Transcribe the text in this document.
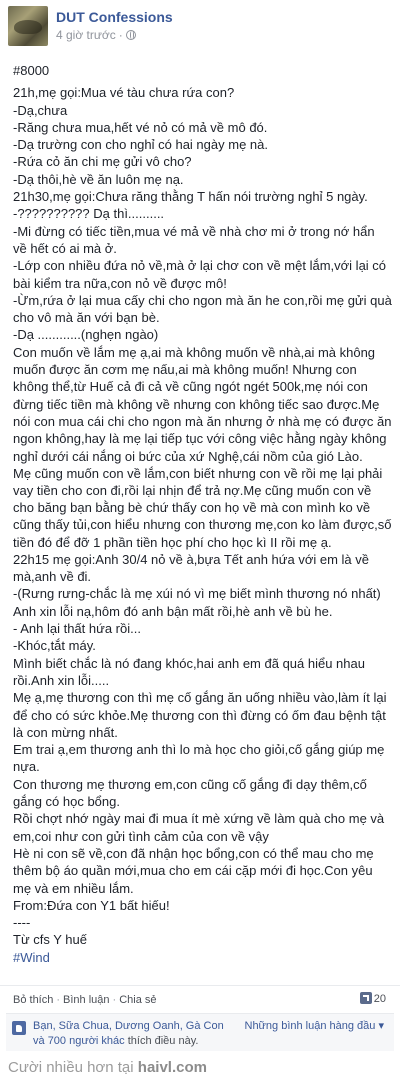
DUT Confessions
4 giờ trước ·
#8000
21h,mẹ gọi:Mua vé tàu chưa rứa con?
-Dạ,chưa
-Răng chưa mua,hết vé nỏ có mả về mô đó.
-Dạ trường con cho nghỉ có hai ngày mẹ nà.
-Rứa cỏ ăn chi mẹ gửi vô cho?
-Dạ thôi,hè về ăn luôn mẹ nạ.
21h30,mẹ gọi:Chưa răng thằng T hấn nói trường nghỉ 5 ngày.
-?????????? Dạ thì..........
-Mi đừng có tiếc tiền,mua vé mả về nhà chơ mi ở trong nớ hẩn
về hết có ai mà ở.
-Lớp con nhiều đứa nỏ về,mà ở lại chơ con về mệt lắm,với lại có
bài kiểm tra nữa,con nỏ về được mô!
-Ừm,rứa ở lại mua cấy chi cho ngon mà ăn he con,rồi mẹ gửi quà
cho vô mà ăn với bạn bè.
-Dạ ............(nghẹn ngào)
Con muốn về lắm mẹ ạ,ai mà không muốn về nhà,ai mà không
muốn được ăn cơm mẹ nấu,ai mà không muốn! Nhưng con
không thể,từ Huế cả đi cả về cũng ngót ngét 500k,mẹ nói con
đừng tiếc tiền mà không về nhưng con không tiếc sao được.Mẹ
nói con mua cái chi cho ngon mà ăn nhưng ở nhà mẹ có được ăn
ngon không,hay là mẹ lại tiếp tục với công việc hằng ngày không
nghỉ dưới cái nắng oi bức của xứ Nghệ,cái nồm của gió Lào.
Mẹ cũng muốn con về lắm,con biết nhưng con về rồi mẹ lại phải
vay tiền cho con đi,rồi lại nhịn để trả nợ.Mẹ cũng muốn con về
cho băng bạn bằng bè chứ thấy con họ về mà con mình ko về
cũng thấy tủi,con hiểu nhưng con thương mẹ,con ko làm được,số
tiền đó để đỡ 1 phần tiền học phí cho học kì II rồi mẹ ạ.
22h15 mẹ gọi:Anh 30/4 nỏ về à,bựa Tết anh hứa với em là về
mà,anh về đi.
-(Rưng rưng-chắc là mẹ xúi nó vì mẹ biết mình thương nó nhất)
Anh xin lỗi nạ,hôm đó anh bận mất rồi,hè anh về bù he.
- Anh lại thất hứa rồi...
-Khóc,tắt máy.
Mình biết chắc là nó đang khóc,hai anh em đã quá hiểu nhau
rồi.Anh xin lỗi.....
Mẹ ạ,mẹ thương con thì mẹ cố gắng ăn uống nhiều vào,làm ít lại
để cho có sức khỏe.Mẹ thương con thì đừng có ốm đau bệnh tật
là con mừng nhất.
Em trai ạ,em thương anh thì lo mà học cho giỏi,cố gắng giúp mẹ
nựa.
Con thương mẹ thương em,con cũng cố gắng đi dạy thêm,cố
gắng có học bổng.
Rồi chợt nhớ ngày mai đi mua ít mè xứng về làm quà cho mẹ và
em,coi như con gửi tình cảm của con về vậy
Hè ni con sẽ về,con đã nhận học bổng,con có thể mau cho mẹ
thêm bộ áo quần mới,mua cho em cái cặp mới đi học.Con yêu
mẹ và em nhiều lắm.
From:Đứa con Y1 bất hiếu!
----
Từ cfs Y huế
#Wind
Bỏ thích · Bình luận · Chia sẻ	20
Bạn, Sữa Chua, Dương Oanh, Gà Con và 700 người khác thích điều này.
Những bình luận hàng đầu ▾
Cười nhiều hơn tại haivl.com
